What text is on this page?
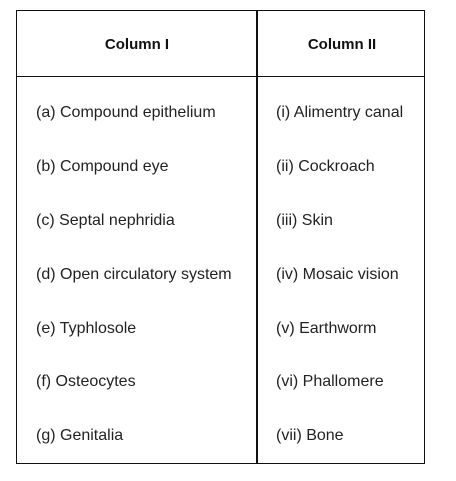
Column I	Column II
(a) Compound epithelium	(i) Alimentry canal
(b) Compound eye	(ii) Cockroach
(c) Septal nephridia	(iii) Skin
(d) Open circulatory system	(iv) Mosaic vision
(e) Typhlosole	(v) Earthworm
(f) Osteocytes	(vi) Phallomere
(g) Genitalia	(vii) Bone
